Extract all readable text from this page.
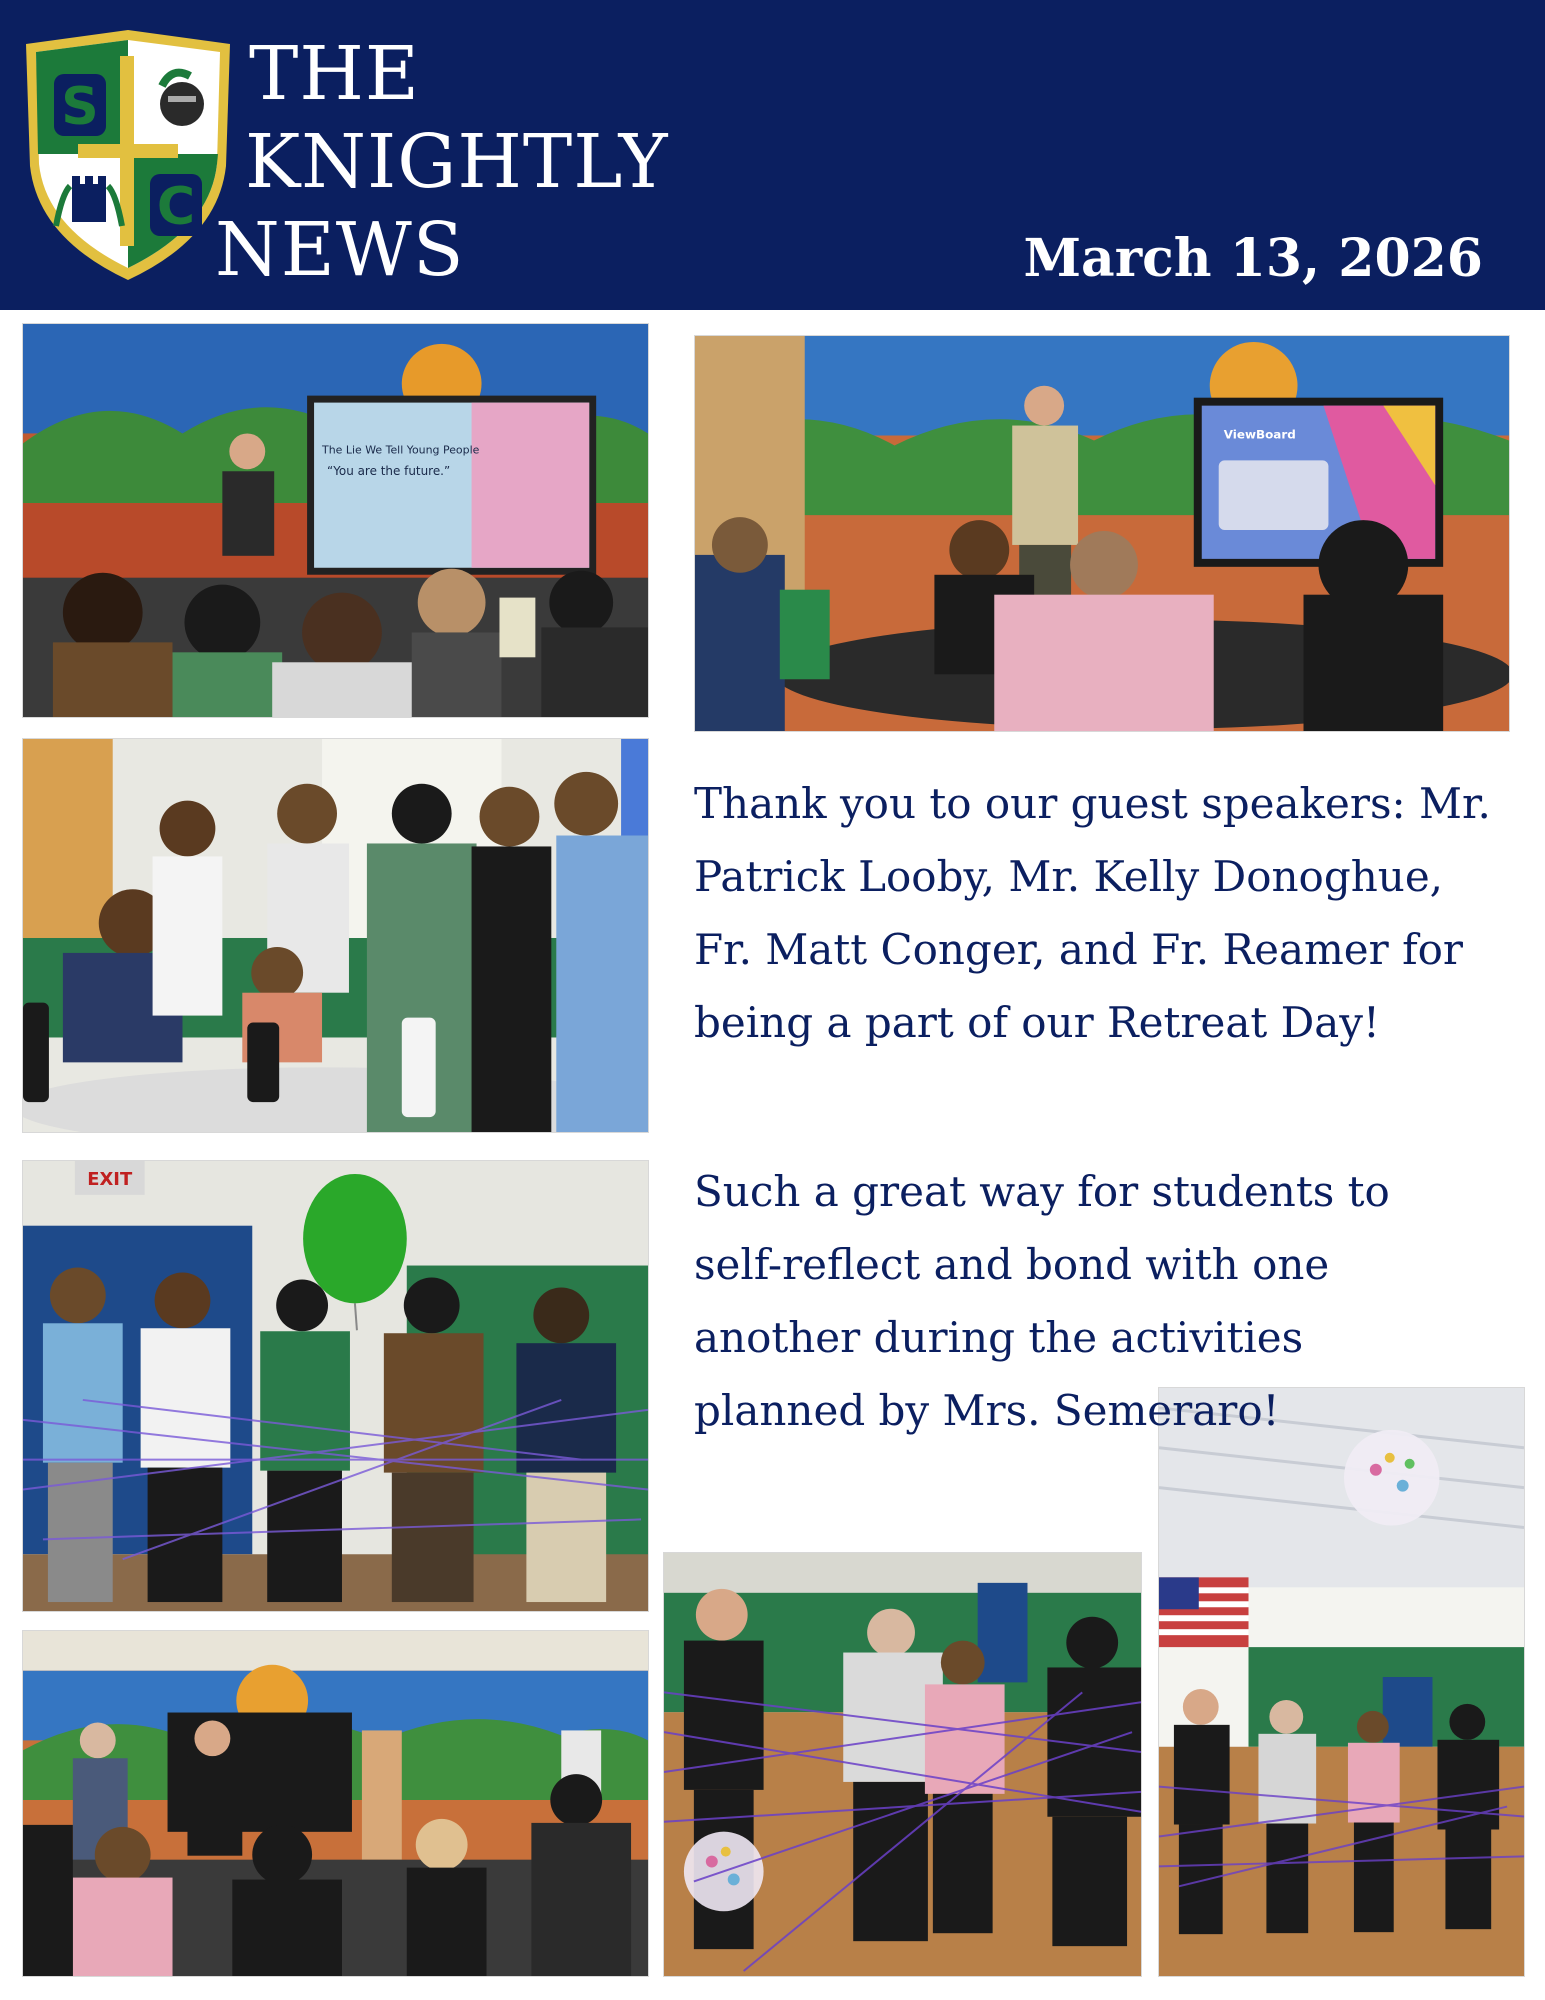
S
C
THE
KNIGHTLY
NEWS	March 13, 2026
The Lie We Tell Young People
“You are the future.”
ViewBoard
EXIT

Thank you to our guest speakers: Mr. Patrick Looby, Mr. Kelly Donoghue, Fr. Matt Conger, and Fr. Reamer for being a part of our Retreat Day!

Such a great way for students to self-reflect and bond with one another during the activities planned by Mrs. Semeraro!
